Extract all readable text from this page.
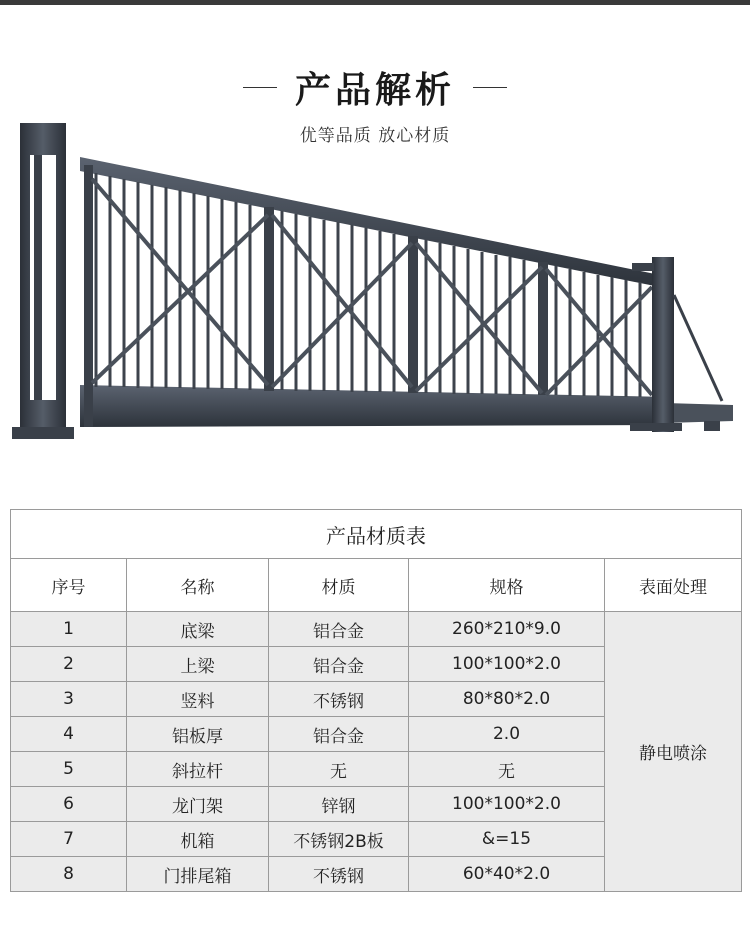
产品解析
优等品质 放心材质
产品材质表				
序号	名称	材质	规格	表面处理
1	底梁	铝合金	260*210*9.0	静电喷涂
2	上梁	铝合金	100*100*2.0	
3	竖料	不锈钢	80*80*2.0	
4	铝板厚	铝合金	2.0	
5	斜拉杆	无	无	
6	龙门架	锌钢	100*100*2.0	
7	机箱	不锈钢2B板	&=15	
8	门排尾箱	不锈钢	60*40*2.0	
